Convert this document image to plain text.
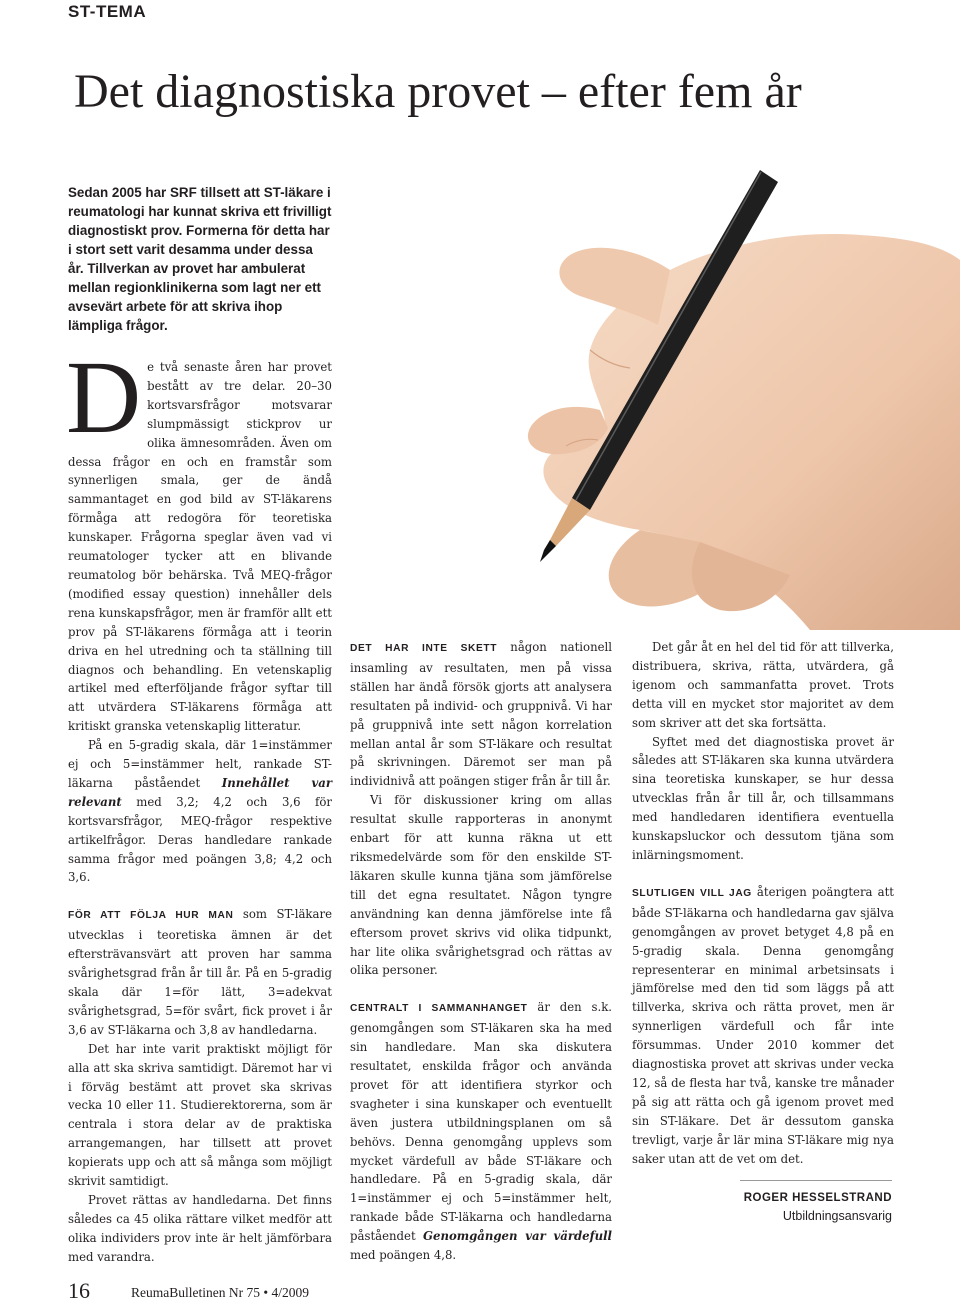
ST-TEMA
Det diagnostiska provet – efter fem år

Sedan 2005 har SRF tillsett att ST-läkare i reumatologi har kunnat skriva ett frivilligt diagnostiskt prov. Formerna för detta har i stort sett varit desamma under dessa år. Tillverkan av provet har ambulerat mellan regionklinikerna som lagt ner ett avsevärt arbete för att skriva ihop lämpliga frågor.

De två senaste åren har provet bestått av tre delar. 20–30 kortsvarsfrågor motsvarar slumpmässigt stickprov ur olika ämnesområden. Även om dessa frågor en och en framstår som synnerligen smala, ger de ändå sammantaget en god bild av ST-läkarens förmåga att redogöra för teoretiska kunskaper. Frågorna speglar även vad vi reumatologer tycker att en blivande reumatolog bör behärska. Två MEQ-frågor (modified essay question) innehåller dels rena kunskapsfrågor, men är framför allt ett prov på ST-läkarens förmåga att i teorin driva en hel utredning och ta ställning till diagnos och behandling. En vetenskaplig artikel med efterföljande frågor syftar till att utvärdera ST-läkarens förmåga att kritiskt granska vetenskaplig litteratur.

På en 5-gradig skala, där 1=instämmer ej och 5=instämmer helt, rankade ST-läkarna påståendet Innehållet var relevant med 3,2; 4,2 och 3,6 för kortsvarsfrågor, MEQ-frågor respektive artikelfrågor. Deras handledare rankade samma frågor med poängen 3,8; 4,2 och 3,6.

FÖR ATT FÖLJA HUR MAN som ST-läkare utvecklas i teoretiska ämnen är det eftersträvansvärt att proven har samma svårighetsgrad från år till år. På en 5-gradig skala där 1=för lätt, 3=adekvat svårighetsgrad, 5=för svårt, fick provet i år 3,6 av ST-läkarna och 3,8 av handledarna.

Det har inte varit praktiskt möjligt för alla att ska skriva samtidigt. Däremot har vi i förväg bestämt att provet ska skrivas vecka 10 eller 11. Studierektorerna, som är centrala i stora delar av de praktiska arrangemangen, har tillsett att provet kopierats upp och att så många som möjligt skrivit samtidigt.

Provet rättas av handledarna. Det finns således ca 45 olika rättare vilket medför att olika individers prov inte är helt jämförbara med varandra.

DET HAR INTE SKETT någon nationell insamling av resultaten, men på vissa ställen har ändå försök gjorts att analysera resultaten på individ- och gruppnivå. Vi har på gruppnivå inte sett någon korrelation mellan antal år som ST-läkare och resultat på skrivningen. Däremot ser man på individnivå att poängen stiger från år till år.

Vi för diskussioner kring om allas resultat skulle rapporteras in anonymt enbart för att kunna räkna ut ett riksmedelvärde som för den enskilde ST-läkaren skulle kunna tjäna som jämförelse till det egna resultatet. Någon tyngre användning kan denna jämförelse inte få eftersom provet skrivs vid olika tidpunkt, har lite olika svårighetsgrad och rättas av olika personer.

CENTRALT I SAMMANHANGET är den s.k. genomgången som ST-läkaren ska ha med sin handledare. Man ska diskutera resultatet, enskilda frågor och använda provet för att identifiera styrkor och svagheter i sina kunskaper och eventuellt även justera utbildningsplanen om så behövs. Denna genomgång upplevs som mycket värdefull av både ST-läkare och handledare. På en 5-gradig skala, där 1=instämmer ej och 5=instämmer helt, rankade både ST-läkarna och handledarna påståendet Genomgången var värdefull med poängen 4,8.

Det går åt en hel del tid för att tillverka, distribuera, skriva, rätta, utvärdera, gå igenom och sammanfatta provet. Trots detta vill en mycket stor majoritet av dem som skriver att det ska fortsätta.

Syftet med det diagnostiska provet är således att ST-läkaren ska kunna utvärdera sina teoretiska kunskaper, se hur dessa utvecklas från år till år, och tillsammans med handledaren identifiera eventuella kunskapsluckor och dessutom tjäna som inlärningsmoment.

SLUTLIGEN VILL JAG återigen poängtera att både ST-läkarna och handledarna gav själva genomgången av provet betyget 4,8 på en 5-gradig skala. Denna genomgång representerar en minimal arbetsinsats i jämförelse med den tid som läggs på att tillverka, skriva och rätta provet, men är synnerligen värdefull och får inte försummas. Under 2010 kommer det diagnostiska provet att skrivas under vecka 12, så de flesta har två, kanske tre månader på sig att rätta och gå igenom provet med sin ST-läkare. Det är dessutom ganska trevligt, varje år lär mina ST-läkare mig nya saker utan att de vet om det.

ROGER HESSELSTRAND
Utbildningsansvarig
16	ReumaBulletinen Nr 75 • 4/2009
